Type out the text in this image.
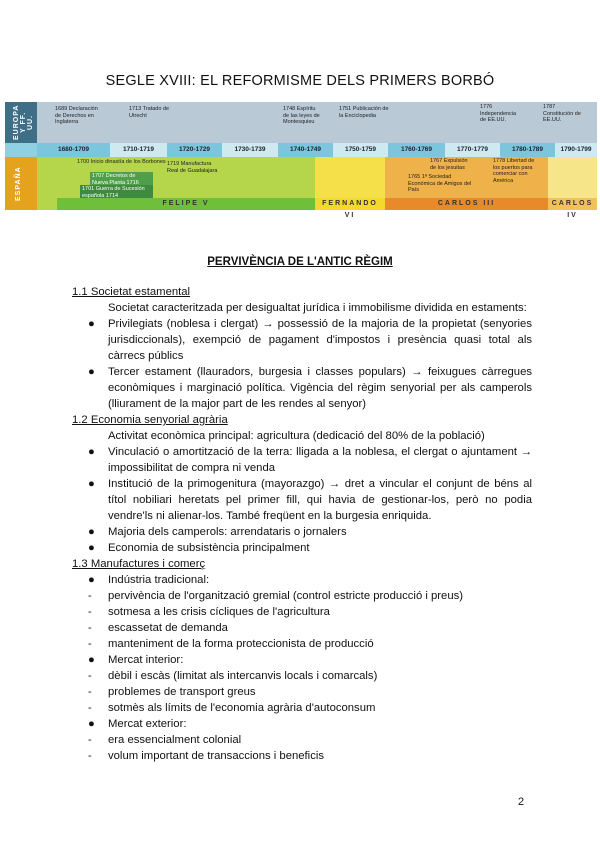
SEGLE XVIII: EL REFORMISME DELS PRIMERS BORBÓ
EUROPA Y FF. UU.
ESPAÑA
1680-1709	1710-1719	1720-1729	1730-1739	1740-1749	1750-1759	1760-1769	1770-1779	1780-1789	1790-1799
1689 Declaración de Derechos en Inglaterra
1713 Tratado de Utrecht
1748 Espíritu de las leyes de Montesquieu
1751 Publicación de la Enciclopedia
1776 Independencia de EE.UU.
1787 Constitución de EE.UU.
1700 Inicio dinastía de los Borbones
1707 Decretos de Nueva Planta 1716
1701 Guerra de Sucesión española 1714
1719 Manufactura Real de Guadalajara
1767 Expulsión de los jesuitas
1765 1ª Sociedad Económica de Amigos del País
1778 Libertad de los puertos para comerciar con América
FELIPE V	FERNANDO VI
CARLOS III	CARLOS IV
PERVIVÈNCIA DE L'ANTIC RÈGIM
1.1 Societat estamental
Societat caracteritzada per desigualtat jurídica i immobilisme dividida en estaments:
● Privilegiats (noblesa i clergat) → possessió de la majoria de la propietat (senyories jurisdiccionals), exempció de pagament d'impostos i presència quasi total als càrrecs públics
● Tercer estament (llauradors, burgesia i classes populars) → feixugues càrregues econòmiques i marginació política. Vigència del règim senyorial per als camperols (lliurament de la major part de les rendes al senyor)
1.2 Economia senyorial agrària
Activitat econòmica principal: agricultura (dedicació del 80% de la població)
● Vinculació o amortització de la terra: lligada a la noblesa, el clergat o ajuntament → impossibilitat de compra ni venda
● Institució de la primogenitura (mayorazgo) → dret a vincular el conjunt de béns al títol nobiliari heretats pel primer fill, qui havia de gestionar-los, però no podia vendre'ls ni alienar-los. També freqüent en la burgesia enriquida.
● Majoria dels camperols: arrendataris o jornalers
● Economia de subsistència principalment
1.3 Manufactures i comerç
● Indústria tradicional:
- pervivència de l'organització gremial (control estricte producció i preus)
- sotmesa a les crisis cícliques de l'agricultura
- escassetat de demanda
- manteniment de la forma proteccionista de producció
● Mercat interior:
- dèbil i escàs (limitat als intercanvis locals i comarcals)
- problemes de transport greus
- sotmès als límits de l'economia agrària d'autoconsum
● Mercat exterior:
- era essencialment colonial
- volum important de transaccions i beneficis
2
